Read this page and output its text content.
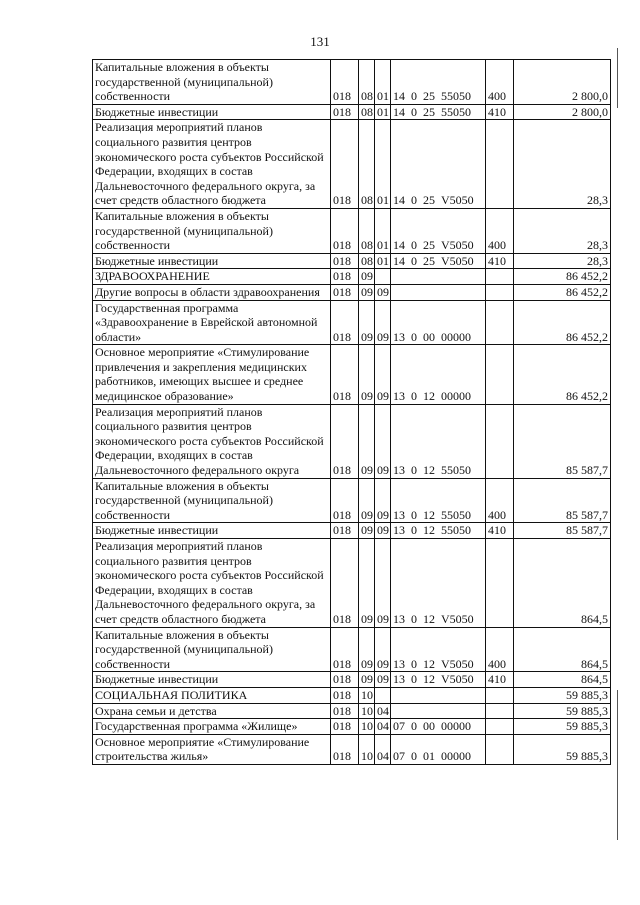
131
Капитальные вложения в объекты государственной (муниципальной) собственности	018	08	01	14 0 25 55050	400	2 800,0
Бюджетные инвестиции	018	08	01	14 0 25 55050	410	2 800,0
Реализация мероприятий планов социального развития центров экономического роста субъектов Российской Федерации, входящих в состав Дальневосточного федерального округа, за счет средств областного бюджета	018	08	01	14 0 25 V5050		28,3
Капитальные вложения в объекты государственной (муниципальной) собственности	018	08	01	14 0 25 V5050	400	28,3
Бюджетные инвестиции	018	08	01	14 0 25 V5050	410	28,3
ЗДРАВООХРАНЕНИЕ	018	09				86 452,2
Другие вопросы в области здравоохранения	018	09	09			86 452,2
Государственная программа «Здравоохранение в Еврейской автономной области»	018	09	09	13 0 00 00000		86 452,2
Основное мероприятие «Стимулирование привлечения и закрепления медицинских работников, имеющих высшее и среднее медицинское образование»	018	09	09	13 0 12 00000		86 452,2
Реализация мероприятий планов социального развития центров экономического роста субъектов Российской Федерации, входящих в состав Дальневосточного федерального округа	018	09	09	13 0 12 55050		85 587,7
Капитальные вложения в объекты государственной (муниципальной) собственности	018	09	09	13 0 12 55050	400	85 587,7
Бюджетные инвестиции	018	09	09	13 0 12 55050	410	85 587,7
Реализация мероприятий планов социального развития центров экономического роста субъектов Российской Федерации, входящих в состав Дальневосточного федерального округа, за счет средств областного бюджета	018	09	09	13 0 12 V5050		864,5
Капитальные вложения в объекты государственной (муниципальной) собственности	018	09	09	13 0 12 V5050	400	864,5
Бюджетные инвестиции	018	09	09	13 0 12 V5050	410	864,5
СОЦИАЛЬНАЯ ПОЛИТИКА	018	10				59 885,3
Охрана семьи и детства	018	10	04			59 885,3
Государственная программа «Жилище»	018	10	04	07 0 00 00000		59 885,3
Основное мероприятие «Стимулирование строительства жилья»	018	10	04	07 0 01 00000		59 885,3
